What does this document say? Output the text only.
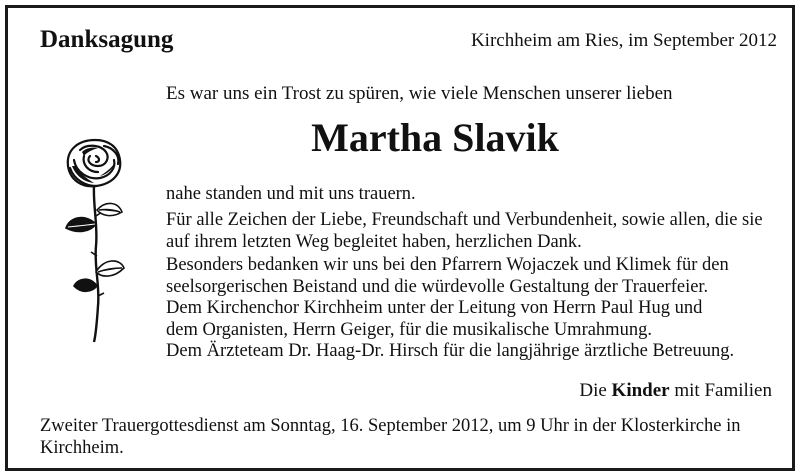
Danksagung	Kirchheim am Ries, im September 2012
Es war uns ein Trost zu spüren, wie viele Menschen unserer lieben
Martha Slavik

nahe standen und mit uns trauern.

Für alle Zeichen der Liebe, Freundschaft und Verbundenheit, sowie allen, die sie auf ihrem letzten Weg begleitet haben, herzlichen Dank.

Besonders bedanken wir uns bei den Pfarrern Wojaczek und Klimek für den
seelsorgerischen Beistand und die würdevolle Gestaltung der Trauerfeier.
Dem Kirchenchor Kirchheim unter der Leitung von Herrn Paul Hug und
dem Organisten, Herrn Geiger, für die musikalische Umrahmung.
Dem Ärzteteam Dr. Haag-Dr. Hirsch für die langjährige ärztliche Betreuung.

Die Kinder mit Familien

Zweiter Trauergottesdienst am Sonntag, 16. September 2012, um 9 Uhr in der Klosterkirche in Kirchheim.
